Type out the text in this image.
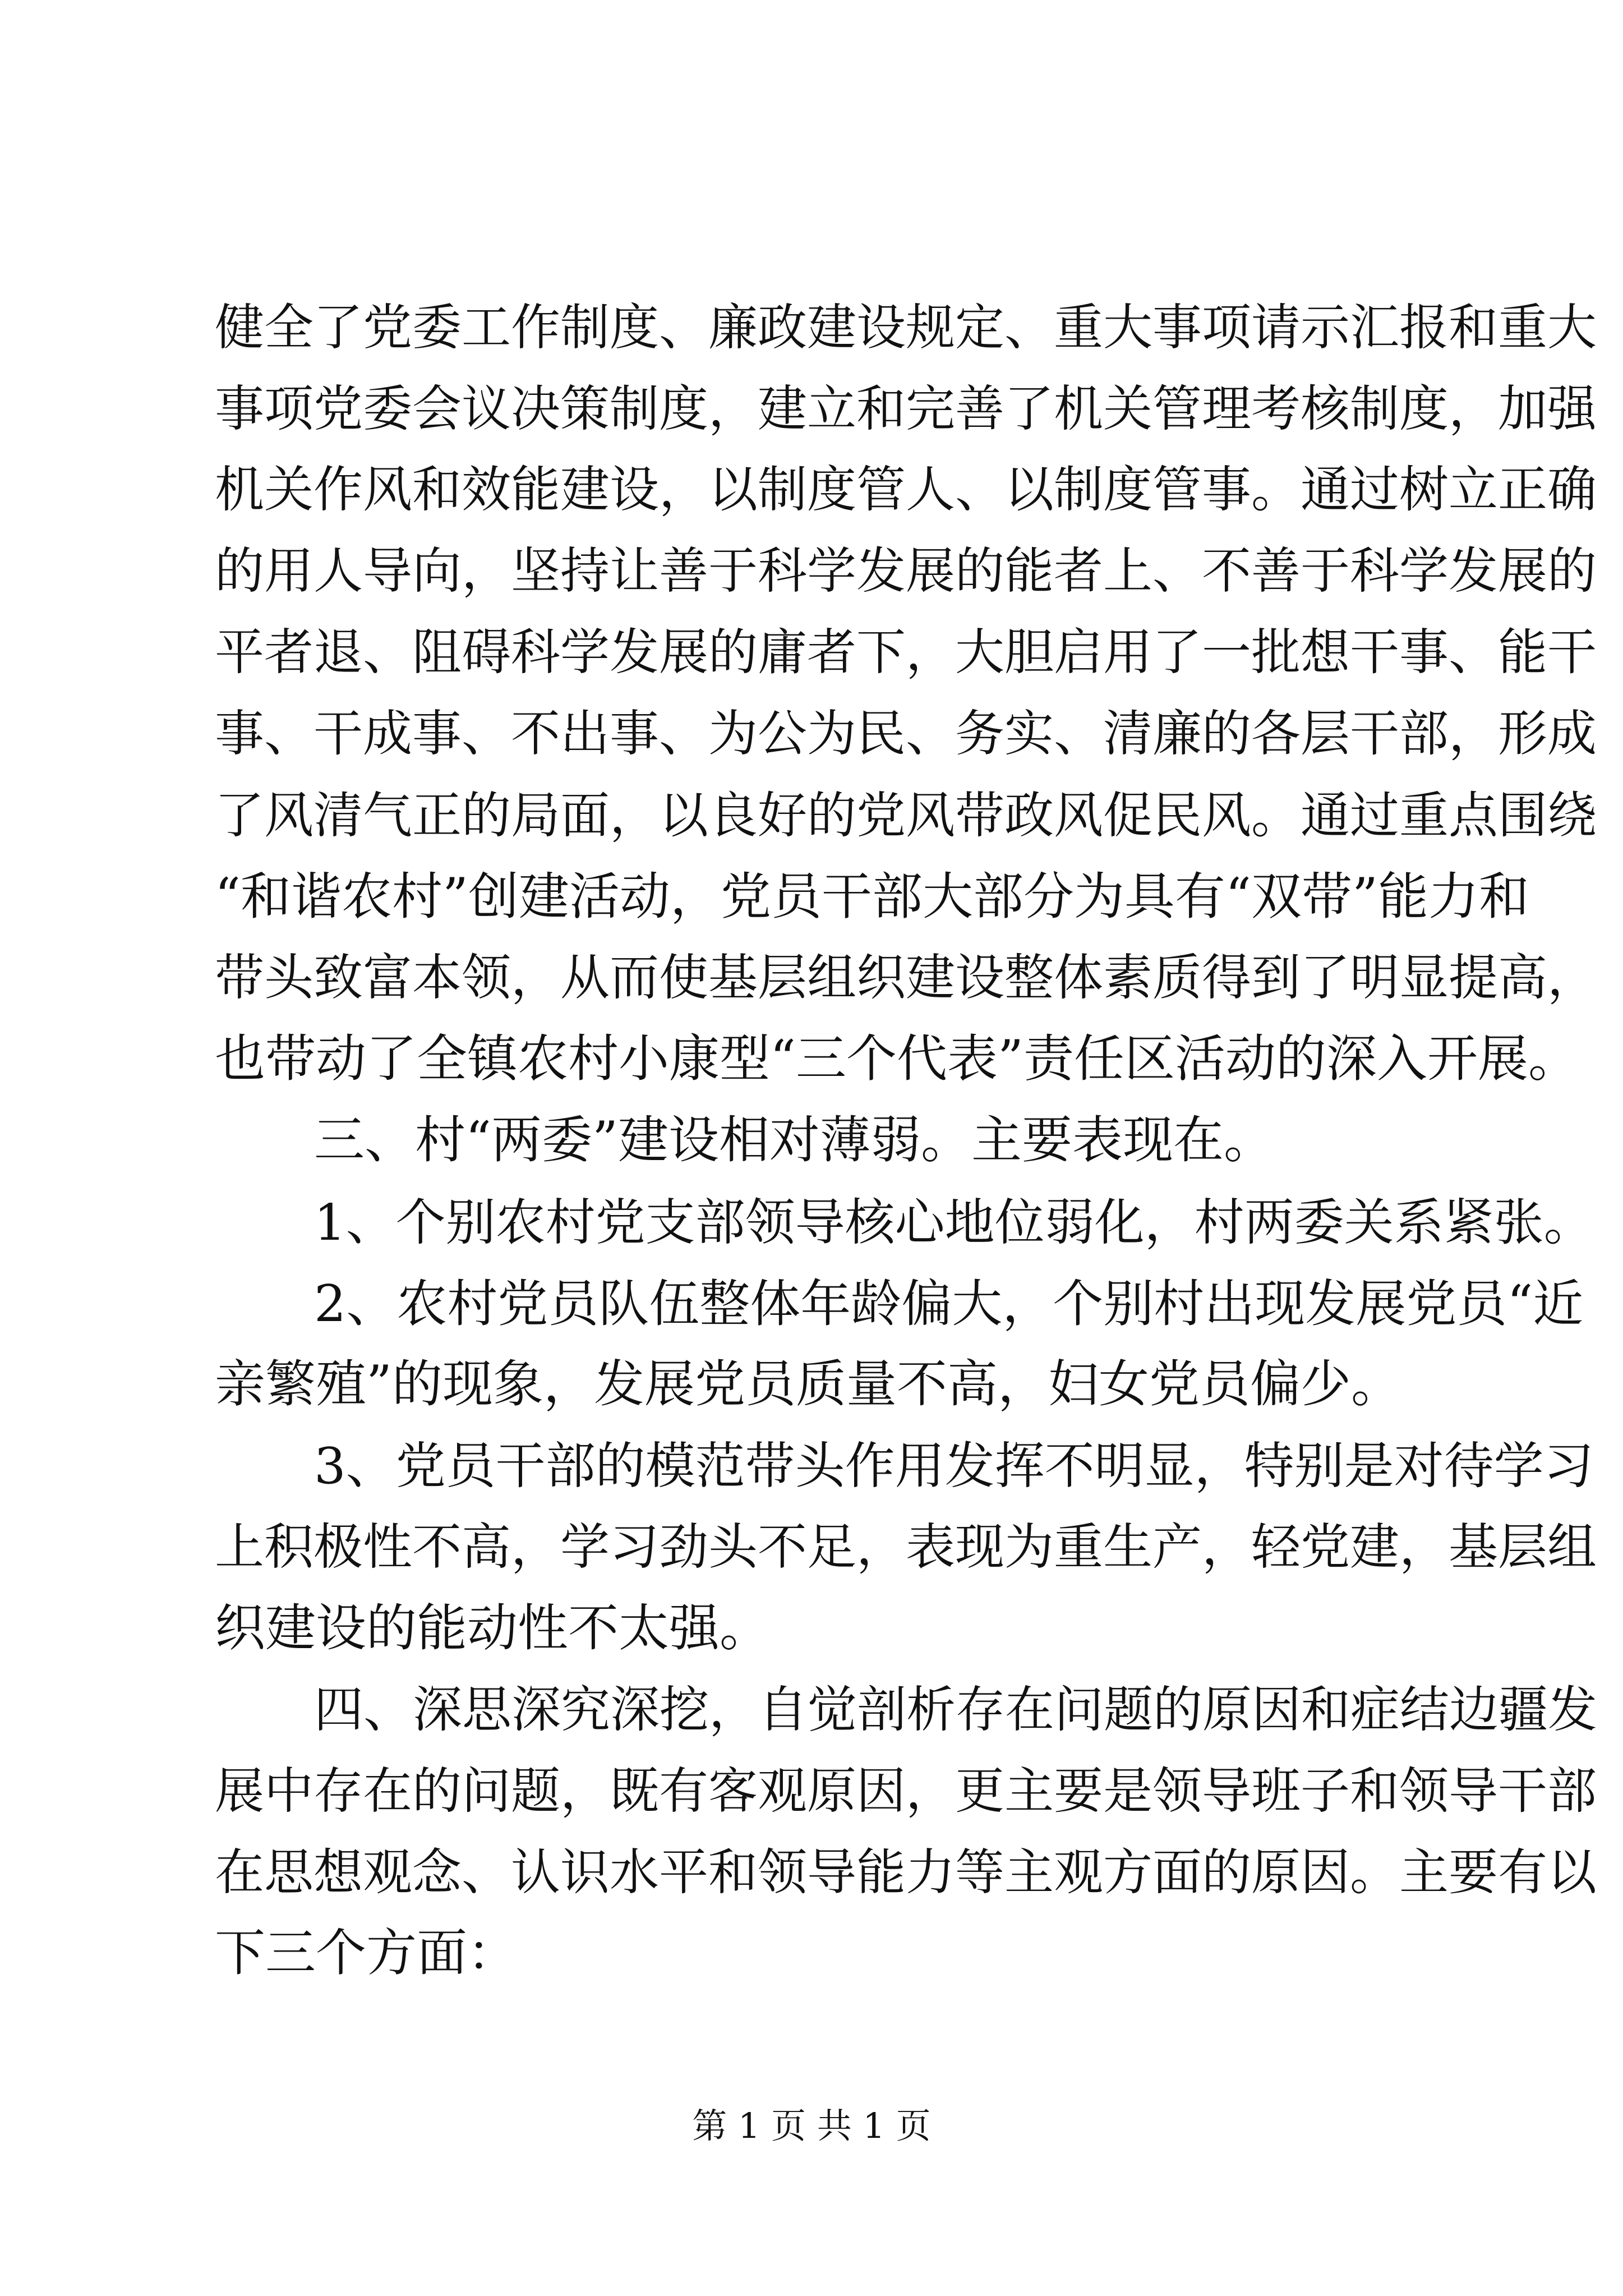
健全了党委工作制度、廉政建设规定、重大事项请示汇报和重大
事项党委会议决策制度，建立和完善了机关管理考核制度，加强
机关作风和效能建设，以制度管人、以制度管事。通过树立正确
的用人导向，坚持让善于科学发展的能者上、不善于科学发展的
平者退、阻碍科学发展的庸者下，大胆启用了一批想干事、能干
事、干成事、不出事、为公为民、务实、清廉的各层干部，形成
了风清气正的局面，以良好的党风带政风促民风。通过重点围绕
“和谐农村”创建活动，党员干部大部分为具有“双带”能力和
带头致富本领，从而使基层组织建设整体素质得到了明显提高，
也带动了全镇农村小康型“三个代表”责任区活动的深入开展。
三、村“两委”建设相对薄弱。主要表现在。
1、个别农村党支部领导核心地位弱化，村两委关系紧张。
2、农村党员队伍整体年龄偏大，个别村出现发展党员“近
亲繁殖”的现象，发展党员质量不高，妇女党员偏少。
3、党员干部的模范带头作用发挥不明显，特别是对待学习
上积极性不高，学习劲头不足，表现为重生产，轻党建，基层组
织建设的能动性不太强。
四、深思深究深挖，自觉剖析存在问题的原因和症结边疆发
展中存在的问题，既有客观原因，更主要是领导班子和领导干部
在思想观念、认识水平和领导能力等主观方面的原因。主要有以
下三个方面：
第 1 页 共 1 页
